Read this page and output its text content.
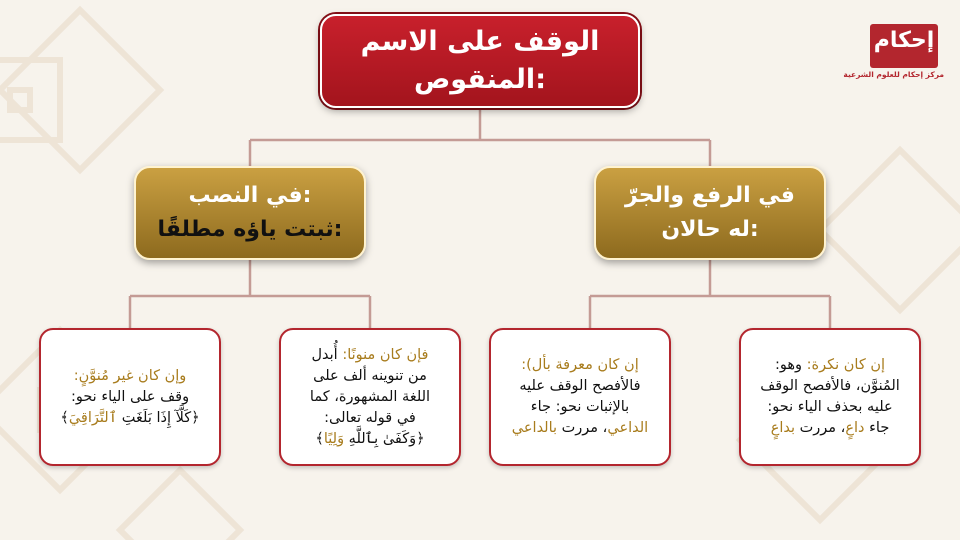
إحكام
مركز إحكام للعلوم الشرعية
الوقف على الاسم
المنقوص:
في الرفع والجرّ
له حالان:
في النصب:
ثبتت ياؤه مطلقًا:
إن كان نكرة: وهو:
المُنوَّن، فالأفصح الوقف
عليه بحذف الياء نحو:
جاء داعٍ، مررت بداعٍ
إن كان معرفة بأل):
فالأفصح الوقف عليه
بالإثبات نحو: جاء
الداعي، مررت بالداعي
فإن كان منونًا: أُبدل
من تنوينه ألف على
اللغة المشهورة، كما
في قوله تعالى:
﴿وَكَفَىٰ بِٱللَّهِ وَلِيًا﴾
وإن كان غير مُنوَّنٍ:
وقف على الياء نحو:
﴿كَلَّآ إِذَا بَلَغَتِ ٱلتَّرَاقِيَ﴾
